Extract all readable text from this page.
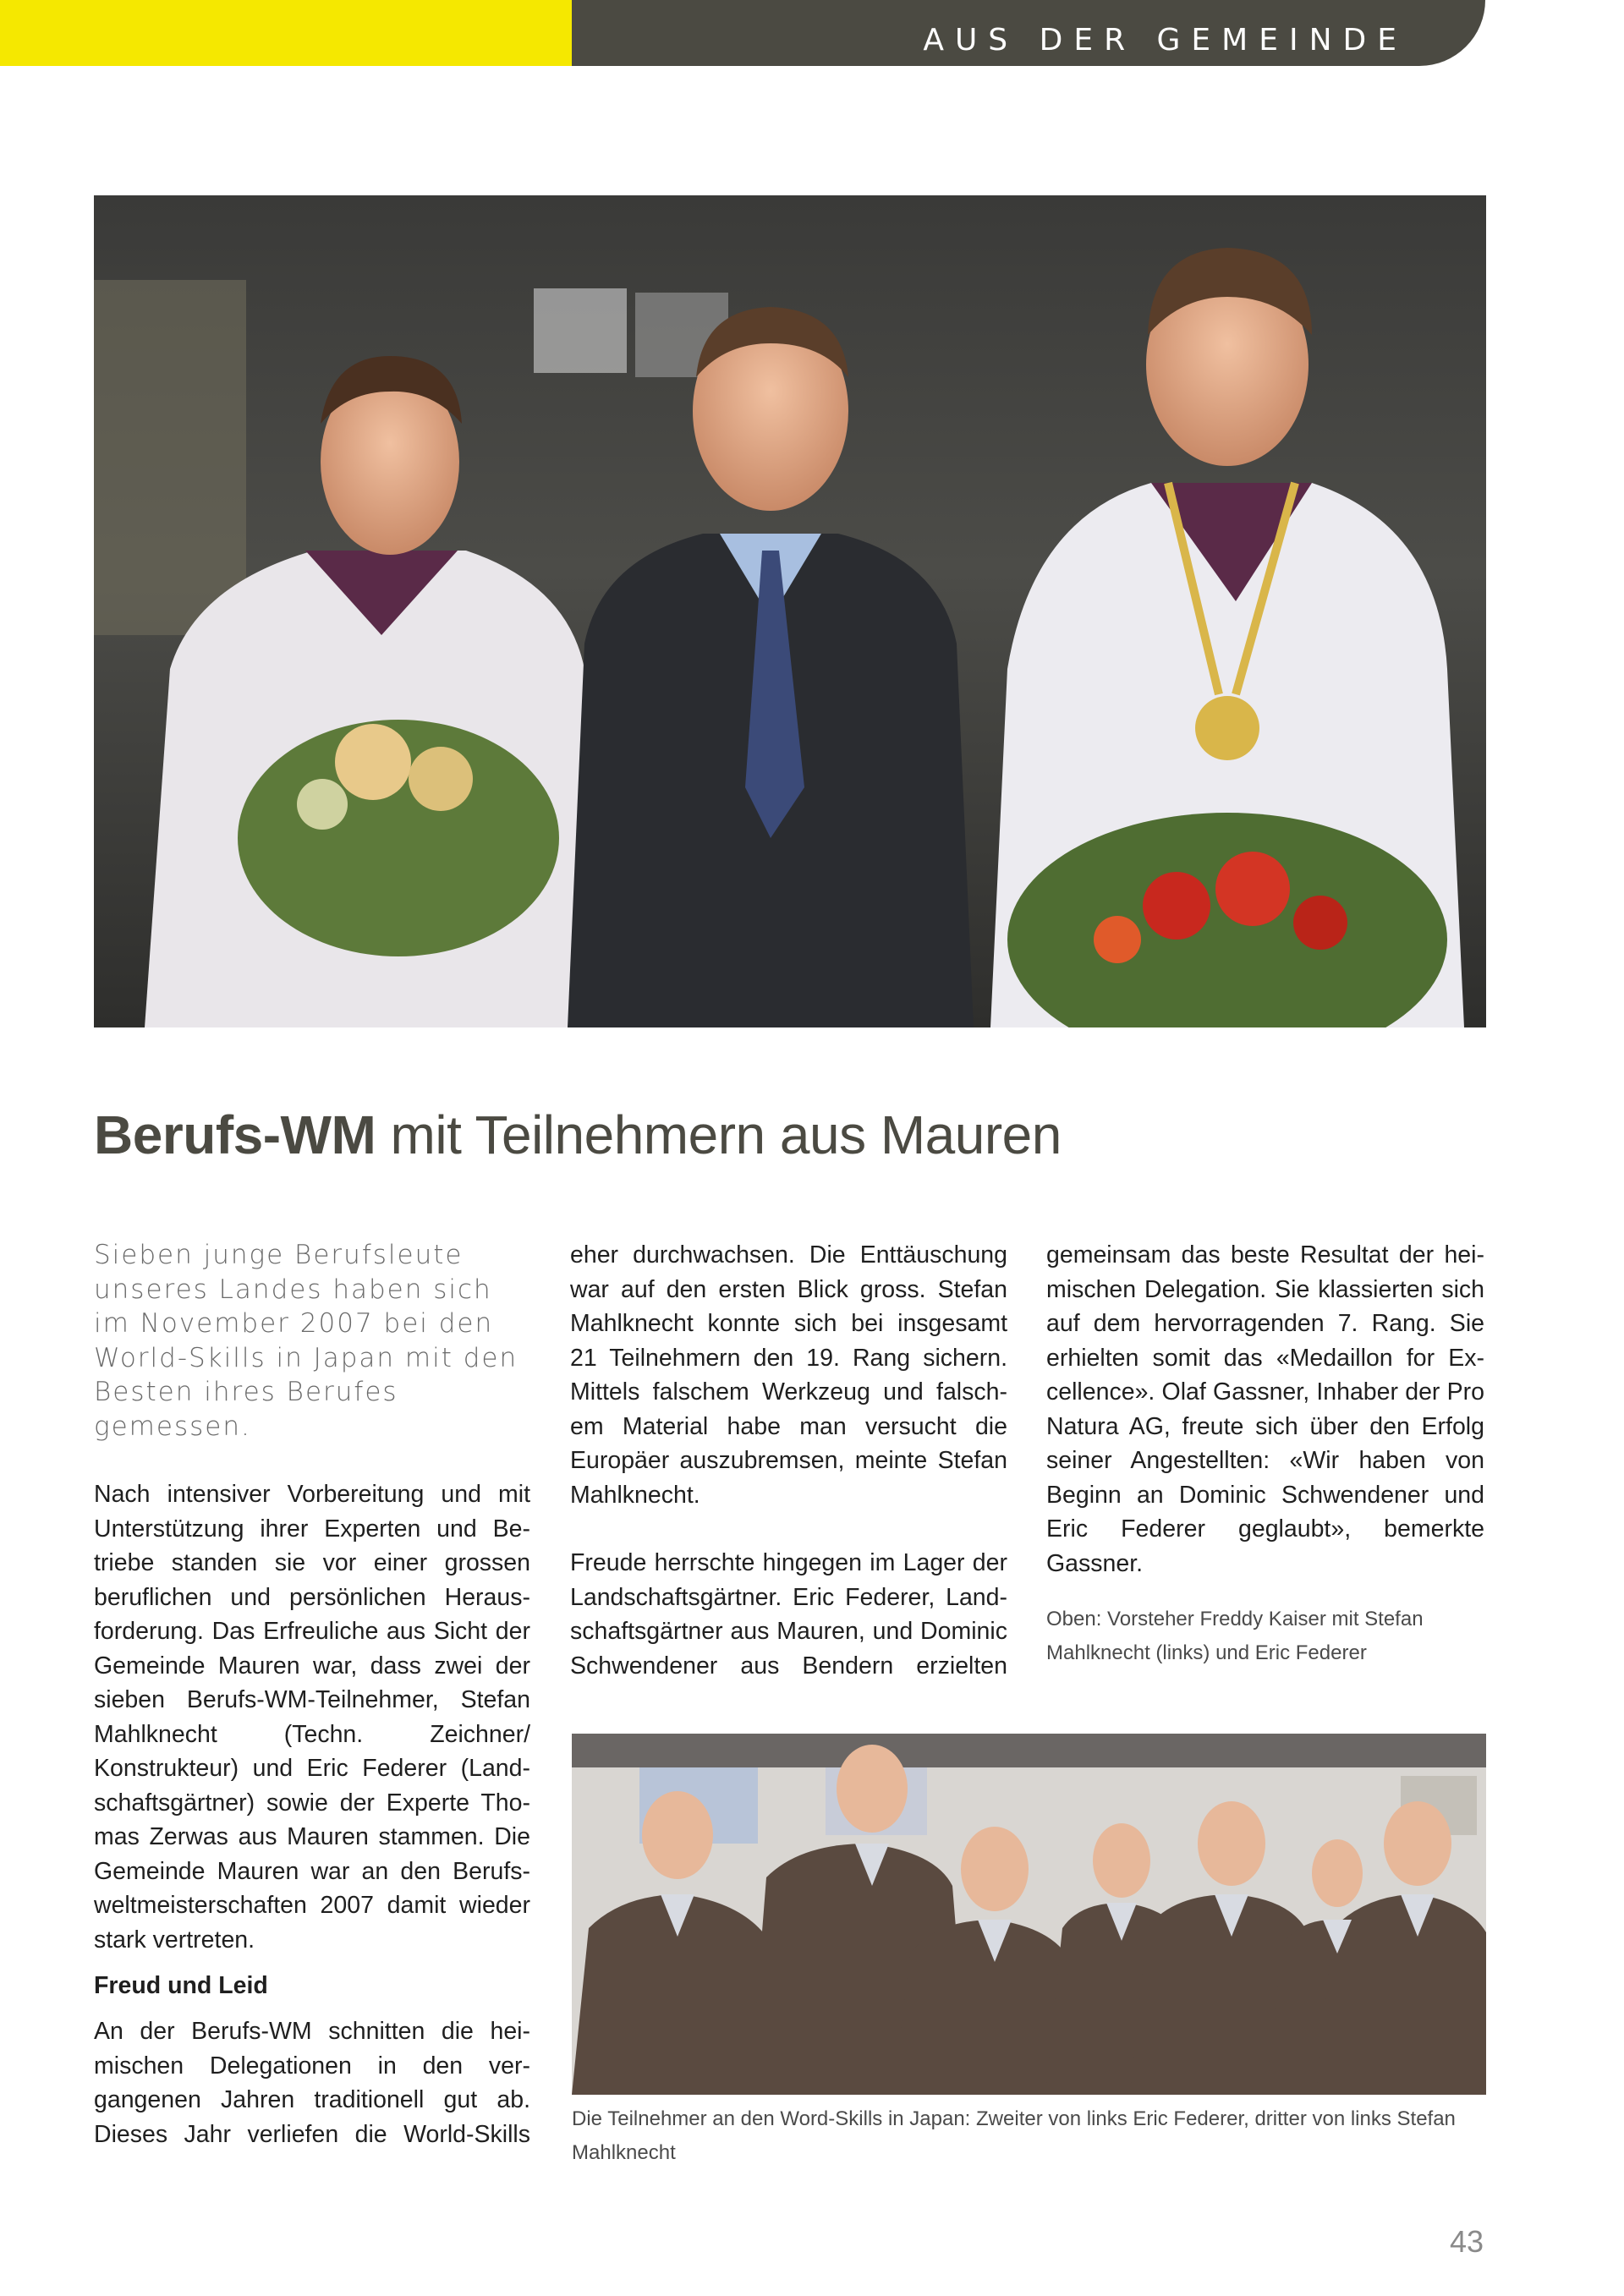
AUS DER GEMEINDE
Berufs-WM mit Teilnehmern aus Mauren

Sieben junge Berufsleute unseres Landes haben sich im November 2007 bei den World-Skills in Japan mit den Besten ihres Berufes gemessen.

Nach intensiver Vorbereitung und mit Unterstützung ihrer Experten und Betriebe standen sie vor einer grossen beruflichen und persönlichen Herausforderung. Das Erfreuliche aus Sicht der Gemeinde Mauren war, dass zwei der sieben Berufs-WM-Teilnehmer, Stefan Mahlknecht (Techn. Zeichner/ Konstrukteur) und Eric Federer (Landschaftsgärtner) sowie der Experte Thomas Zerwas aus Mauren stammen. Die Gemeinde Mauren war an den Berufsweltmeisterschaften 2007 damit wieder stark vertreten.

Freud und Leid

An der Berufs-WM schnitten die heimischen Delegationen in den vergangenen Jahren traditionell gut ab. Dieses Jahr verliefen die World-Skills

eher durchwachsen. Die Enttäuschung war auf den ersten Blick gross. Stefan Mahlknecht konnte sich bei insgesamt 21 Teilnehmern den 19. Rang sichern. Mittels falschem Werkzeug und falschem Material habe man versucht die Europäer auszubremsen, meinte Stefan Mahlknecht.

Freude herrschte hingegen im Lager der Landschaftsgärtner. Eric Federer, Landschaftsgärtner aus Mauren, und Dominic Schwendener aus Bendern erzielten

gemeinsam das beste Resultat der heimischen Delegation. Sie klassierten sich auf dem hervorragenden 7. Rang. Sie erhielten somit das «Medaillon for Excellence». Olaf Gassner, Inhaber der Pro Natura AG, freute sich über den Erfolg seiner Angestellten: «Wir haben von Beginn an Dominic Schwendener und Eric Federer geglaubt», bemerkte Gassner.

Oben: Vorsteher Freddy Kaiser mit Stefan Mahlknecht (links) und Eric Federer

Die Teilnehmer an den Word-Skills in Japan: Zweiter von links Eric Federer, dritter von links Stefan Mahlknecht

43
